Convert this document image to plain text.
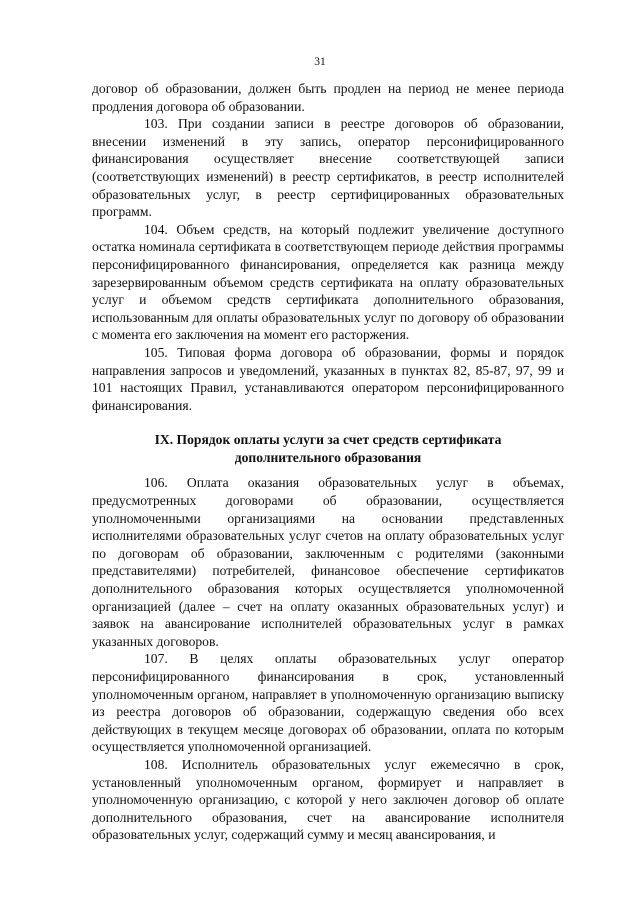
31

договор об образовании, должен быть продлен на период не менее периода продления договора об образовании.

103. При создании записи в реестре договоров об образовании, внесении изменений в эту запись, оператор персонифицированного финансирования осуществляет внесение соответствующей записи (соответствующих изменений) в реестр сертификатов, в реестр исполнителей образовательных услуг, в реестр сертифицированных образовательных программ.

104. Объем средств, на который подлежит увеличение доступного остатка номинала сертификата в соответствующем периоде действия программы персонифицированного финансирования, определяется как разница между зарезервированным объемом средств сертификата на оплату образовательных услуг и объемом средств сертификата дополнительного образования, использованным для оплаты образовательных услуг по договору об образовании с момента его заключения на момент его расторжения.

105. Типовая форма договора об образовании, формы и порядок направления запросов и уведомлений, указанных в пунктах 82, 85-87, 97, 99 и 101 настоящих Правил, устанавливаются оператором персонифицированного финансирования.

IX. Порядок оплаты услуги за счет средств сертификата
дополнительного образования

106. Оплата оказания образовательных услуг в объемах, предусмотренных договорами об образовании, осуществляется уполномоченными организациями на основании представленных исполнителями образовательных услуг счетов на оплату образовательных услуг по договорам об образовании, заключенным с родителями (законными представителями) потребителей, финансовое обеспечение сертификатов дополнительного образования которых осуществляется уполномоченной организацией (далее – счет на оплату оказанных образовательных услуг) и заявок на авансирование исполнителей образовательных услуг в рамках указанных договоров.

107. В целях оплаты образовательных услуг оператор персонифицированного финансирования в срок, установленный уполномоченным органом, направляет в уполномоченную организацию выписку из реестра договоров об образовании, содержащую сведения обо всех действующих в текущем месяце договорах об образовании, оплата по которым осуществляется уполномоченной организацией.

108. Исполнитель образовательных услуг ежемесячно в срок, установленный уполномоченным органом, формирует и направляет в уполномоченную организацию, с которой у него заключен договор об оплате дополнительного образования, счет на авансирование исполнителя образовательных услуг, содержащий сумму и месяц авансирования, и
